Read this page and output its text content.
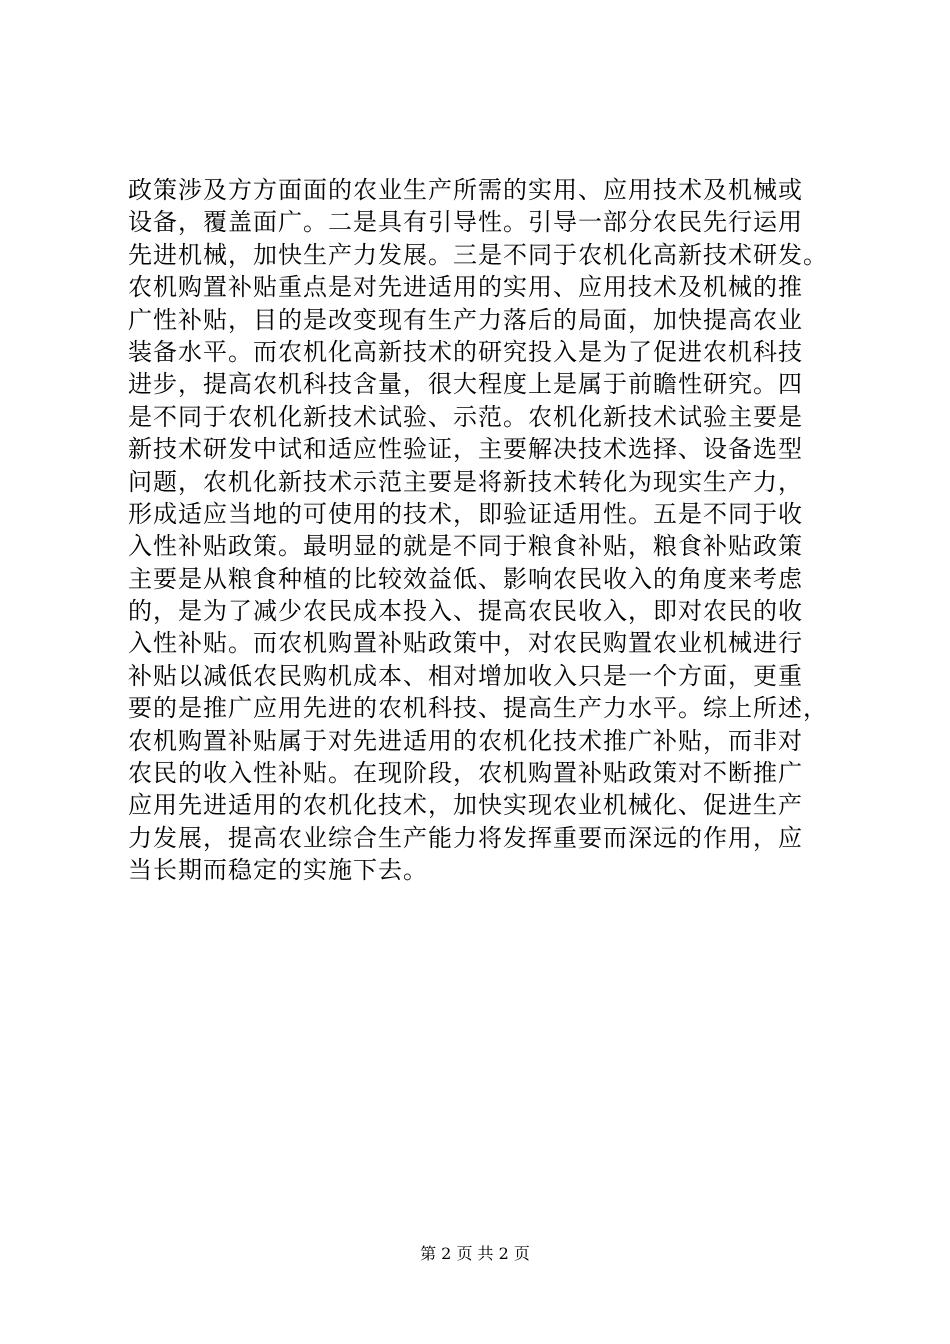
政策涉及方方面面的农业生产所需的实用、应用技术及机械或
设备，覆盖面广。二是具有引导性。引导一部分农民先行运用
先进机械，加快生产力发展。三是不同于农机化高新技术研发。
农机购置补贴重点是对先进适用的实用、应用技术及机械的推
广性补贴，目的是改变现有生产力落后的局面，加快提高农业
装备水平。而农机化高新技术的研究投入是为了促进农机科技
进步，提高农机科技含量，很大程度上是属于前瞻性研究。四
是不同于农机化新技术试验、示范。农机化新技术试验主要是
新技术研发中试和适应性验证，主要解决技术选择、设备选型
问题，农机化新技术示范主要是将新技术转化为现实生产力，
形成适应当地的可使用的技术，即验证适用性。五是不同于收
入性补贴政策。最明显的就是不同于粮食补贴，粮食补贴政策
主要是从粮食种植的比较效益低、影响农民收入的角度来考虑
的，是为了减少农民成本投入、提高农民收入，即对农民的收
入性补贴。而农机购置补贴政策中，对农民购置农业机械进行
补贴以减低农民购机成本、相对增加收入只是一个方面，更重
要的是推广应用先进的农机科技、提高生产力水平。综上所述，
农机购置补贴属于对先进适用的农机化技术推广补贴，而非对
农民的收入性补贴。在现阶段，农机购置补贴政策对不断推广
应用先进适用的农机化技术，加快实现农业机械化、促进生产
力发展，提高农业综合生产能力将发挥重要而深远的作用，应
当长期而稳定的实施下去。
第 2 页 共 2 页
